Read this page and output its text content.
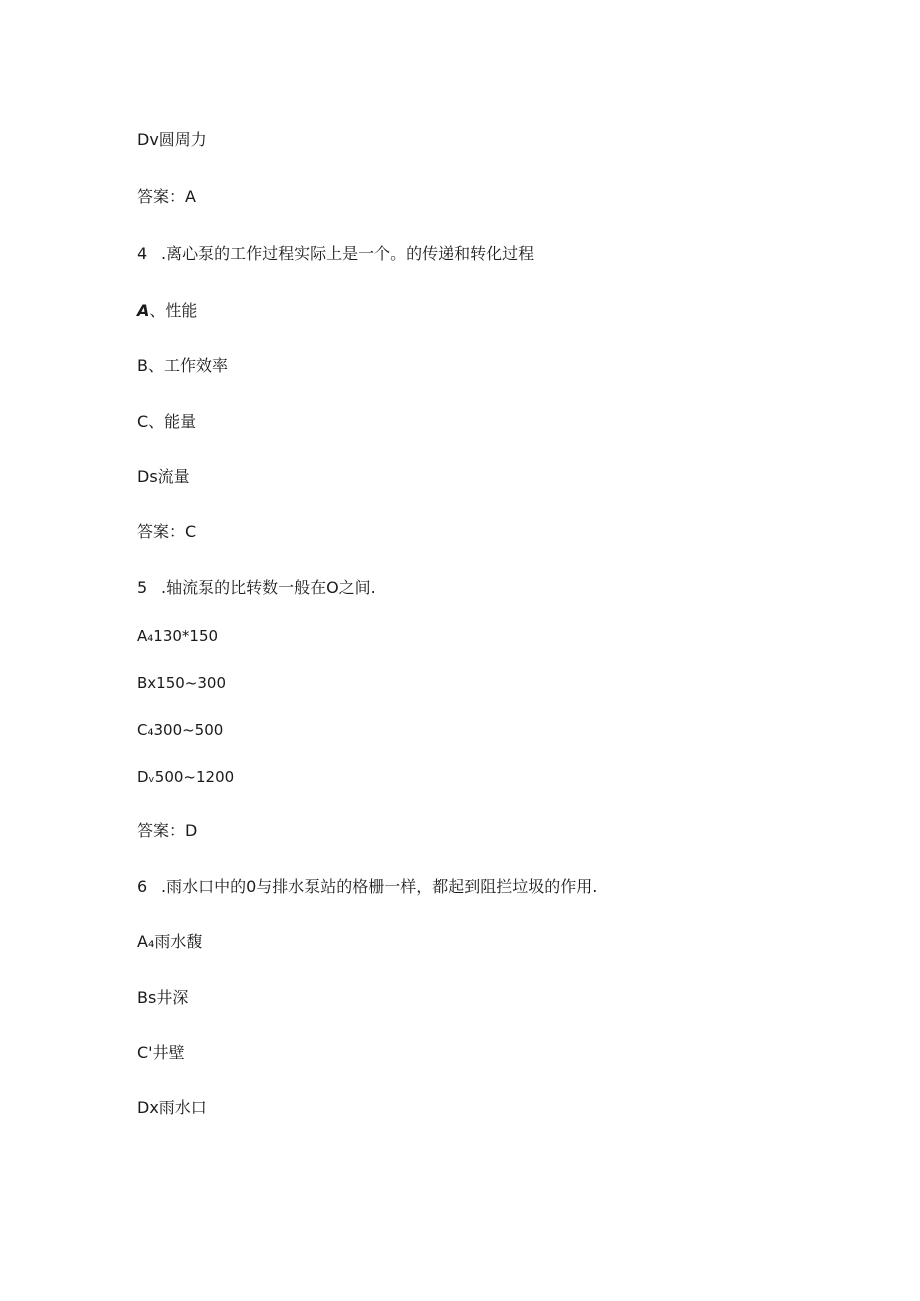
Dv圆周力
答案：A
4 .离心泵的工作过程实际上是一个。的传递和转化过程
A、性能
B、工作效率
C、能量
Ds流量
答案：C
5 .轴流泵的比转数一般在O之间.
A₄130*150
Bx150~300
C₄300~500
Dᵥ500~1200
答案：D
6 .雨水口中的0与排水泵站的格栅一样，都起到阻拦垃圾的作用.
A₄雨水馥
Bs井深
C'井壁
Dx雨水口
